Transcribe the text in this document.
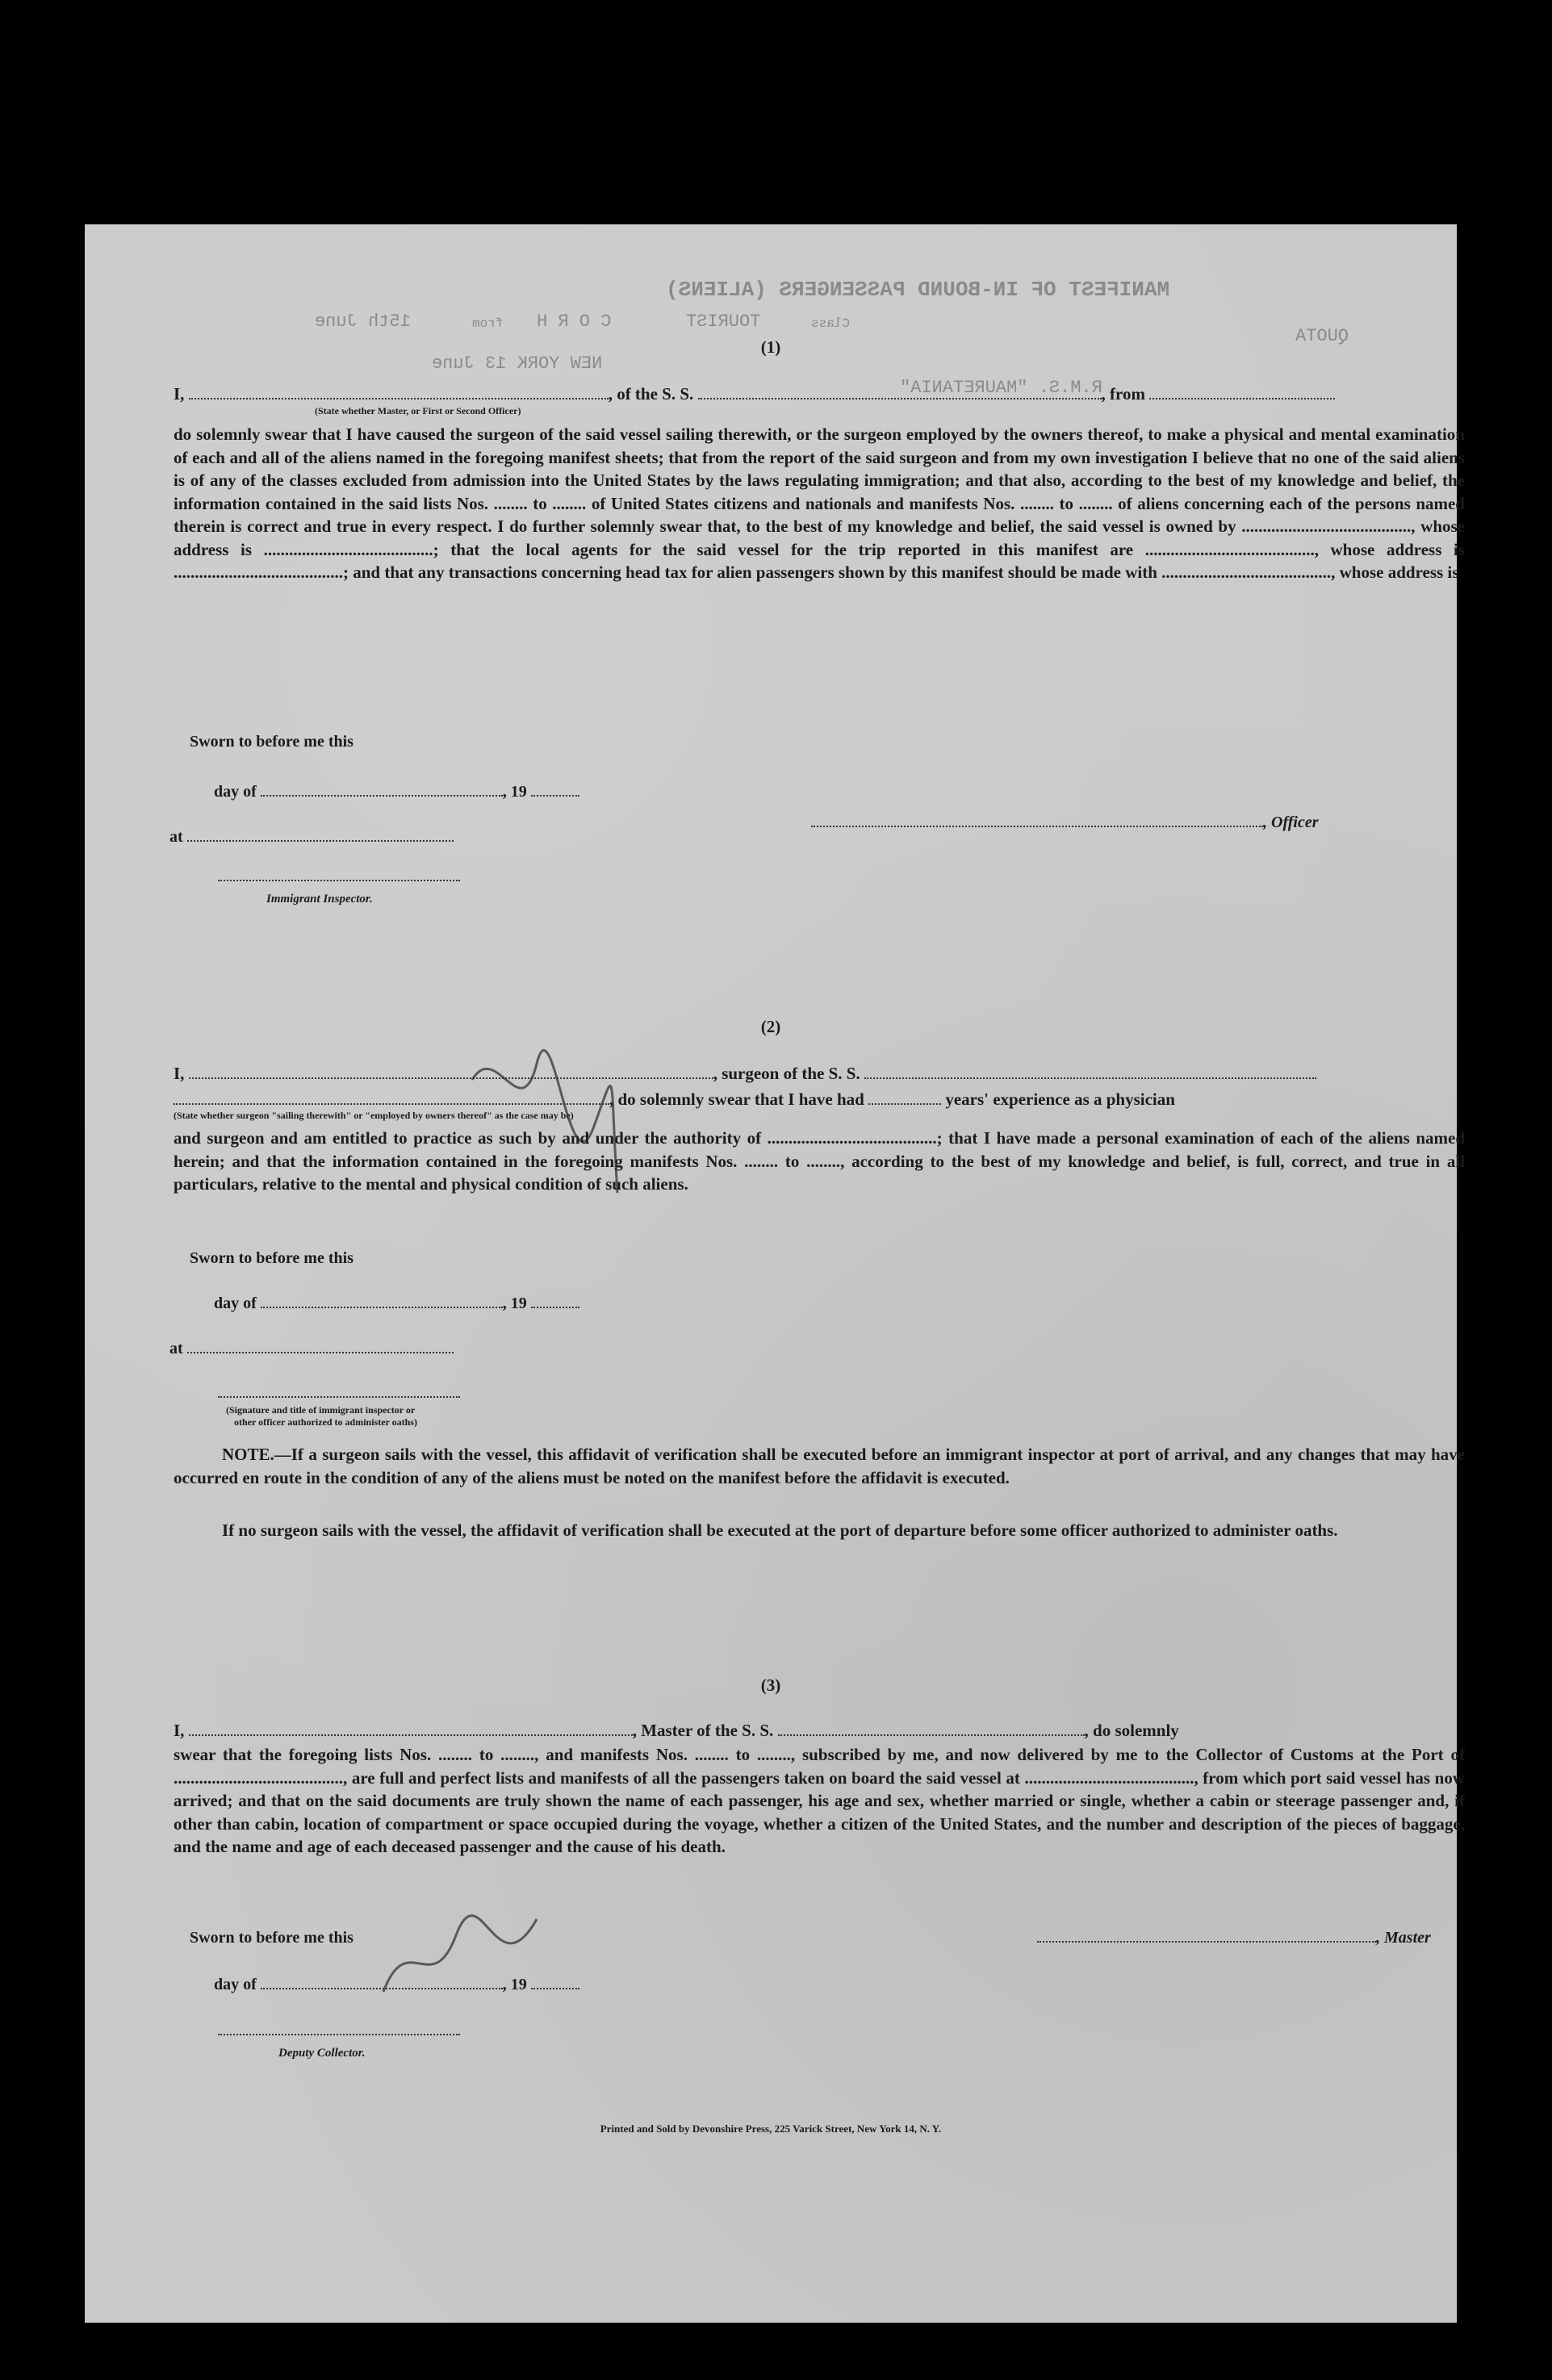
MANIFEST OF IN-BOUND PASSENGERS (ALIENS)
C O R H
15th June	TOURIST
from	Class
QUOTA
NEW YORK 13 June
R.M.S. "MAURETANIA"
(1)
I,	, of the S. S.	, from
(State whether Master, or First or Second Officer)
do solemnly swear that I have caused the surgeon of the said vessel sailing therewith, or the surgeon employed by the owners thereof, to make a physical and mental examination of each and all of the aliens named in the foregoing manifest sheets; that from the report of the said surgeon and from my own investigation I believe that no one of the said aliens is of any of the classes excluded from admission into the United States by the laws regulating immigration; and that also, according to the best of my knowledge and belief, the information contained in the said lists Nos. ........ to ........ of United States citizens and nationals and manifests Nos. ........ to ........ of aliens concerning each of the persons named therein is correct and true in every respect. I do further solemnly swear that, to the best of my knowledge and belief, the said vessel is owned by ........................................, whose address is ........................................; that the local agents for the said vessel for the trip reported in this manifest are ........................................, whose address is ........................................; and that any transactions concerning head tax for alien passengers shown by this manifest should be made with ........................................, whose address is
Sworn to before me this
day of	, 19
at
, Officer
Immigrant Inspector.
(2)
I,	, surgeon of the S. S.
, do solemnly swear that I have had	years' experience as a physician
(State whether surgeon "sailing therewith" or "employed by owners thereof" as the case may be)
and surgeon and am entitled to practice as such by and under the authority of ........................................; that I have made a personal examination of each of the aliens named herein; and that the information contained in the foregoing manifests Nos. ........ to ........, according to the best of my knowledge and belief, is full, correct, and true in all particulars, relative to the mental and physical condition of such aliens.
Sworn to before me this
day of	, 19
at
(Signature and title of immigrant inspector or
other officer authorized to administer oaths)
NOTE.—If a surgeon sails with the vessel, this affidavit of verification shall be executed before an immigrant inspector at port of arrival, and any changes that may have occurred en route in the condition of any of the aliens must be noted on the manifest before the affidavit is executed.
If no surgeon sails with the vessel, the affidavit of verification shall be executed at the port of departure before some officer authorized to administer oaths.
(3)
I,	, Master of the S. S.	, do solemnly
swear that the foregoing lists Nos. ........ to ........, and manifests Nos. ........ to ........, subscribed by me, and now delivered by me to the Collector of Customs at the Port of ........................................, are full and perfect lists and manifests of all the passengers taken on board the said vessel at ........................................, from which port said vessel has now arrived; and that on the said documents are truly shown the name of each passenger, his age and sex, whether married or single, whether a cabin or steerage passenger and, if other than cabin, location of compartment or space occupied during the voyage, whether a citizen of the United States, and the number and description of the pieces of baggage, and the name and age of each deceased passenger and the cause of his death.
Sworn to before me this	, Master
day of	, 19
Deputy Collector.
Printed and Sold by Devonshire Press, 225 Varick Street, New York 14, N. Y.
